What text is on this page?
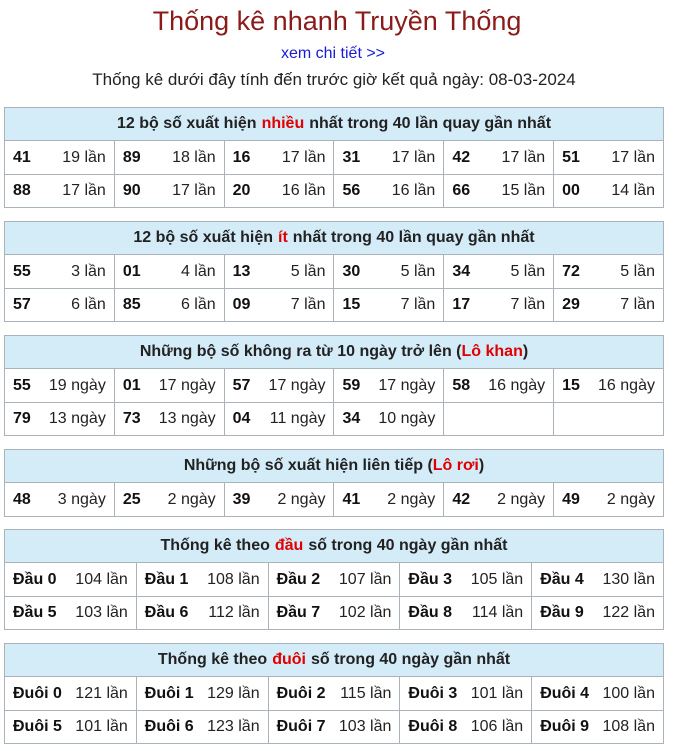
Thống kê nhanh Truyền Thống
xem chi tiết >>
Thống kê dưới đây tính đến trước giờ kết quả ngày: 08-03-2024
12 bộ số xuất hiện nhiều nhất trong 40 lần quay gần nhất
41 19 lần 89 18 lần 16 17 lần 31 17 lần 42 17 lần 51 17 lần
88 17 lần 90 17 lần 20 16 lần 56 16 lần 66 15 lần 00 14 lần
12 bộ số xuất hiện ít nhất trong 40 lần quay gần nhất
55	3 lần 01	4 lần 13	5 lần 30	5 lần 34	5 lần 72	5 lần
57	6 lần 85	6 lần 09	7 lần 15	7 lần 17	7 lần 29	7 lần
Những bộ số không ra từ 10 ngày trở lên ( Lô khan )
55 19 ngày 01 17 ngày 57 17 ngày 59 17 ngày 58 16 ngày 15 16 ngày
79 13 ngày 73 13 ngày 04 11 ngày 34 10 ngày
Những bộ số xuất hiện liên tiếp ( Lô rơi )
48 3 ngày 25 2 ngày 39 2 ngày 41 2 ngày 42 2 ngày 49 2 ngày
Thống kê theo đầu số trong 40 ngày gần nhất
Đầu 0 104 lần Đầu 1 108 lần Đầu 2 107 lần Đầu 3 105 lần Đầu 4 130 lần
Đầu 5 103 lần Đầu 6 112 lần Đầu 7 102 lần Đầu 8 114 lần Đầu 9 122 lần
Thống kê theo đuôi số trong 40 ngày gần nhất
Đuôi 0 121 lần Đuôi 1 129 lần Đuôi 2 115 lần Đuôi 3 101 lần Đuôi 4 100 lần
Đuôi 5 101 lần Đuôi 6 123 lần Đuôi 7 103 lần Đuôi 8 106 lần Đuôi 9 108 lần
